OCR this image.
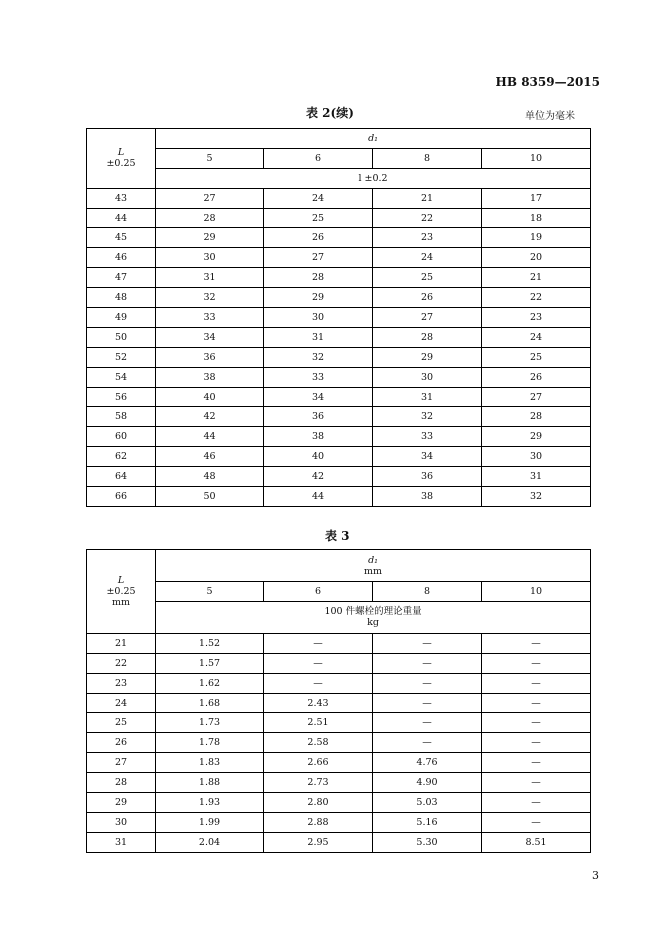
HB 8359—2015
表 2(续)	单位为毫米
L
±0.25	d₁			
	5	6	8	10
	l ±0.2			
43	27	24	21	17
44	28	25	22	18
45	29	26	23	19
46	30	27	24	20
47	31	28	25	21
48	32	29	26	22
49	33	30	27	23
50	34	31	28	24
52	36	32	29	25
54	38	33	30	26
56	40	34	31	27
58	42	36	32	28
60	44	38	33	29
62	46	40	34	30
64	48	42	36	31
66	50	44	38	32
表 3
L
±0.25
mm	d₁
mm			
	5	6	8	10
	100 件螺栓的理论重量
kg			
21	1.52	—	—	—
22	1.57	—	—	—
23	1.62	—	—	—
24	1.68	2.43	—	—
25	1.73	2.51	—	—
26	1.78	2.58	—	—
27	1.83	2.66	4.76	—
28	1.88	2.73	4.90	—
29	1.93	2.80	5.03	—
30	1.99	2.88	5.16	—
31	2.04	2.95	5.30	8.51
3
